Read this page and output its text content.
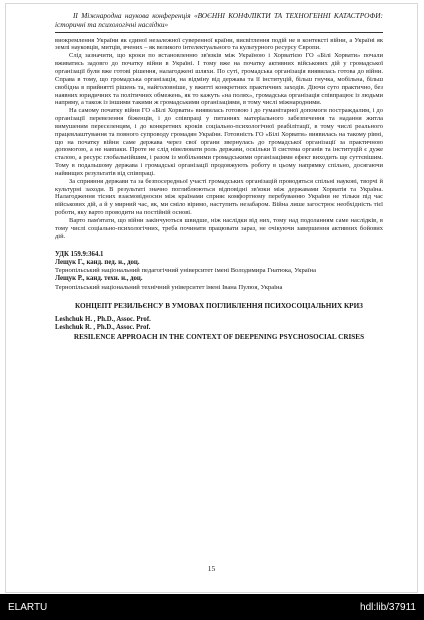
ІІ Міжнародна наукова конференція «ВОЄННІ КОНФЛІКТИ ТА ТЕХНОГЕННІ КАТАСТРОФИ: історичні та психологічні наслідки»

виокремлення України як єдиної незалежної суверенної країни, висвітлення подій не в контексті війни, а Україні як землі науковців, митців, вчених – як великого інтелектуального та культурного ресурсу Європи.

Слід зазначити, що кроки по встановленню зв'язків між Україною і Хорватією ГО «Білі Хорвати» почали вживатись задовго до початку війни в Україні. І тому вже на початку активних військових дій у громадської організації були вже готові рішення, налагоджені шляхи. По суті, громадська організація виявилась готова до війни. Справа в тому, що громадська організація, на відміну від держава та її інституцій, більш гнучка, мобільна, більш свобідна в прийнятті рішень та, найголовніше, у вжитті конкретних практичних заходів. Діючи суто практично, без наявних юридичних та політичних обмежень, як то кажуть «на полях», громадська організація співпрацює із людьми напряму, а також із іншими такими ж громадськими організаціями, в тому числі міжнародними.

На самому початку війни ГО «Білі Хорвати» виявилась готовою і до гуманітарної допомоги постраждалим, і до організації перевезення біженців, і до співпраці у питаннях матеріального забезпечення та надання житла вимушеним переселенцям, і до конкретних кроків соціально-психологічної реабілітації, в тому числі реального працевлаштування та повного супроводу громадян України. Готовність ГО «Білі Хорвати» виявилась на такому рівні, що на початку війни саме держава через свої органи звернулась до громадської організації за практичною допомогою, а не навпаки. Проте не слід нівелювати роль держави, оскільки її система органів та інституцій є дуже сталою, а ресурс глобальнійшим, і разом із мобільними громадськими організаціями ефект виходить ще суттєвішим. Тому в подальшому держава і громадські організації продовжують роботу в цьому напрямку спільно, досягаючи найвищих результатів від співпраці.

За сприяння держави та за безпосередньої участі громадських організацій проводяться спільні наукові, творчі й культурні заходи. В результаті значно поглиблюються відповідні зв'язки між державами Хорватія та Україна. Налагодження тісних взаємовідносин між країнами сприяє комфортному перебуванню України не тільки під час військових дій, а й у мирний час, як, ми сміло віримо, наступить незабаром. Війна лише загострює необхідність тієї роботи, яку варто проводити на постійній основі.

Варто пам'ятати, що війни закінчуються швидше, ніж наслідки від них, тому над подоланням саме наслідків, в тому числі соціально-психологічних, треба починати працювати зараз, не очікуючи завершення активних бойових дій.

УДК 159.9:364.1
Лещук Г., канд. пед. н., доц.
Тернопільський національний педагогічний університет імені Володимира Гнатюка, Україна
Лещук Р., канд. техн. н., доц.
Тернопільський національний технічний університет імені Івана Пулюя, Україна
КОНЦЕПТ РЕЗИЛЬЄНСУ В УМОВАХ ПОГЛИБЛЕННЯ ПСИХОСОЦІАЛЬНИХ КРИЗ
Leshchuk H. , Ph.D., Assoc. Prof.
Leshchuk R. , Ph.D., Assoc. Prof.
RESILENCE APPROACH IN THE CONTEXT OF DEEPENING PSYCHOSOCIAL CRISES
15
ELARTU	hdl:lib/37911
